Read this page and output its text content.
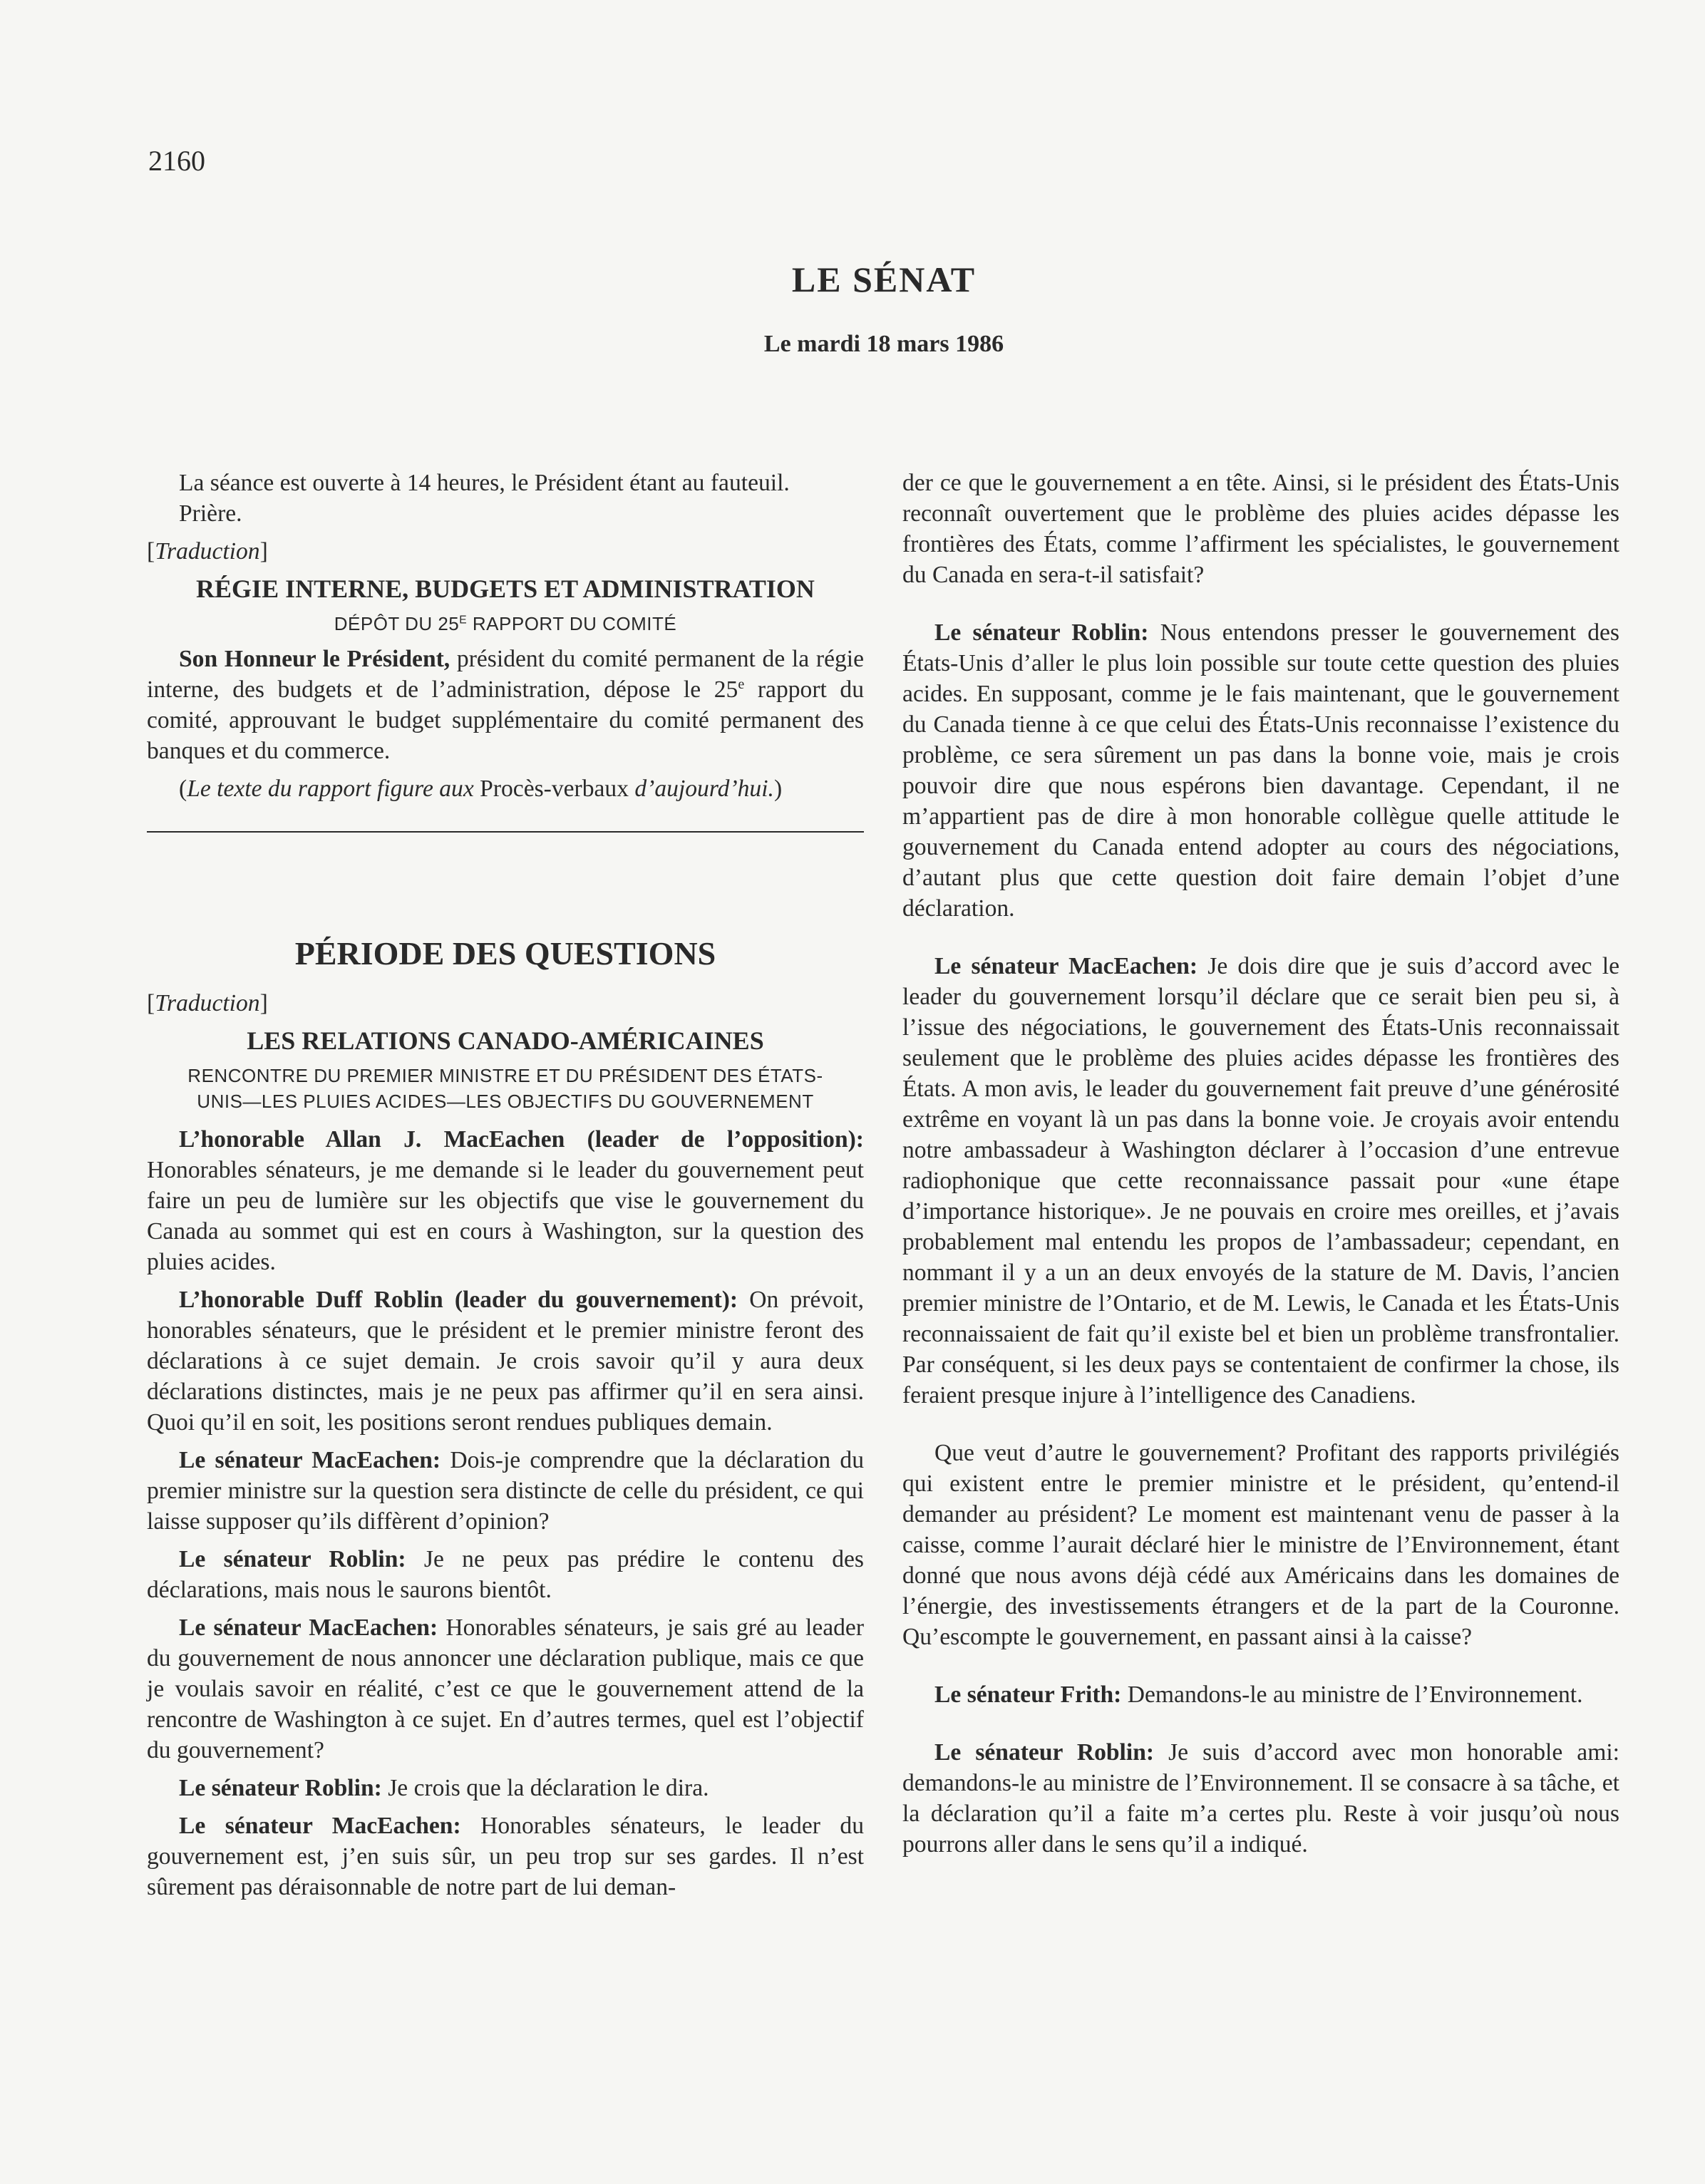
2160
LE SÉNAT
Le mardi 18 mars 1986

La séance est ouverte à 14 heures, le Président étant au fauteuil.

Prière.

[Traduction]

RÉGIE INTERNE, BUDGETS ET ADMINISTRATION
DÉPÔT DU $25^E$ RAPPORT DU COMITÉ

Son Honneur le Président, président du comité permanent de la régie interne, des budgets et de l’administration, dépose le 25e rapport du comité, approuvant le budget supplémentaire du comité permanent des banques et du commerce.

(Le texte du rapport figure aux Procès-verbaux d’aujourd’hui.)

PÉRIODE DES QUESTIONS

[Traduction]

LES RELATIONS CANADO-AMÉRICAINES
RENCONTRE DU PREMIER MINISTRE ET DU PRÉSIDENT DES ÉTATS-UNIS—LES PLUIES ACIDES—LES OBJECTIFS DU GOUVERNEMENT

L’honorable Allan J. MacEachen (leader de l’opposition): Honorables sénateurs, je me demande si le leader du gouvernement peut faire un peu de lumière sur les objectifs que vise le gouvernement du Canada au sommet qui est en cours à Washington, sur la question des pluies acides.

L’honorable Duff Roblin (leader du gouvernement): On prévoit, honorables sénateurs, que le président et le premier ministre feront des déclarations à ce sujet demain. Je crois savoir qu’il y aura deux déclarations distinctes, mais je ne peux pas affirmer qu’il en sera ainsi. Quoi qu’il en soit, les positions seront rendues publiques demain.

Le sénateur MacEachen: Dois-je comprendre que la déclaration du premier ministre sur la question sera distincte de celle du président, ce qui laisse supposer qu’ils diffèrent d’opinion?

Le sénateur Roblin: Je ne peux pas prédire le contenu des déclarations, mais nous le saurons bientôt.

Le sénateur MacEachen: Honorables sénateurs, je sais gré au leader du gouvernement de nous annoncer une déclaration publique, mais ce que je voulais savoir en réalité, c’est ce que le gouvernement attend de la rencontre de Washington à ce sujet. En d’autres termes, quel est l’objectif du gouvernement?

Le sénateur Roblin: Je crois que la déclaration le dira.

Le sénateur MacEachen: Honorables sénateurs, le leader du gouvernement est, j’en suis sûr, un peu trop sur ses gardes. Il n’est sûrement pas déraisonnable de notre part de lui deman-

der ce que le gouvernement a en tête. Ainsi, si le président des États-Unis reconnaît ouvertement que le problème des pluies acides dépasse les frontières des États, comme l’affirment les spécialistes, le gouvernement du Canada en sera-t-il satisfait?

Le sénateur Roblin: Nous entendons presser le gouvernement des États-Unis d’aller le plus loin possible sur toute cette question des pluies acides. En supposant, comme je le fais maintenant, que le gouvernement du Canada tienne à ce que celui des États-Unis reconnaisse l’existence du problème, ce sera sûrement un pas dans la bonne voie, mais je crois pouvoir dire que nous espérons bien davantage. Cependant, il ne m’appartient pas de dire à mon honorable collègue quelle attitude le gouvernement du Canada entend adopter au cours des négociations, d’autant plus que cette question doit faire demain l’objet d’une déclaration.

Le sénateur MacEachen: Je dois dire que je suis d’accord avec le leader du gouvernement lorsqu’il déclare que ce serait bien peu si, à l’issue des négociations, le gouvernement des États-Unis reconnaissait seulement que le problème des pluies acides dépasse les frontières des États. A mon avis, le leader du gouvernement fait preuve d’une générosité extrême en voyant là un pas dans la bonne voie. Je croyais avoir entendu notre ambassadeur à Washington déclarer à l’occasion d’une entrevue radiophonique que cette reconnaissance passait pour «une étape d’importance historique». Je ne pouvais en croire mes oreilles, et j’avais probablement mal entendu les propos de l’ambassadeur; cependant, en nommant il y a un an deux envoyés de la stature de M. Davis, l’ancien premier ministre de l’Ontario, et de M. Lewis, le Canada et les États-Unis reconnaissaient de fait qu’il existe bel et bien un problème transfrontalier. Par conséquent, si les deux pays se contentaient de confirmer la chose, ils feraient presque injure à l’intelligence des Canadiens.

Que veut d’autre le gouvernement? Profitant des rapports privilégiés qui existent entre le premier ministre et le président, qu’entend-il demander au président? Le moment est maintenant venu de passer à la caisse, comme l’aurait déclaré hier le ministre de l’Environnement, étant donné que nous avons déjà cédé aux Américains dans les domaines de l’énergie, des investissements étrangers et de la part de la Couronne. Qu’escompte le gouvernement, en passant ainsi à la caisse?

Le sénateur Frith: Demandons-le au ministre de l’Environnement.

Le sénateur Roblin: Je suis d’accord avec mon honorable ami: demandons-le au ministre de l’Environnement. Il se consacre à sa tâche, et la déclaration qu’il a faite m’a certes plu. Reste à voir jusqu’où nous pourrons aller dans le sens qu’il a indiqué.
